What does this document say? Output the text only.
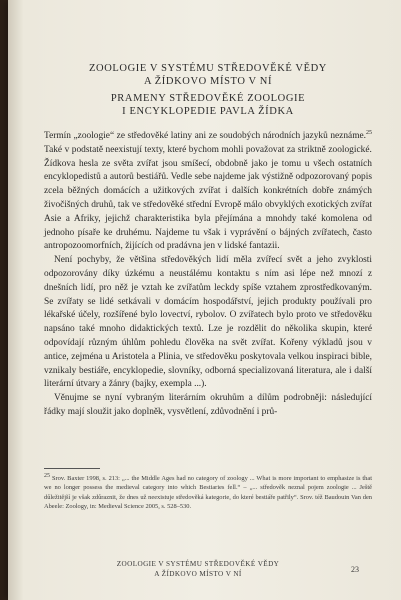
ZOOLOGIE V SYSTÉMU STŘEDOVĚKÉ VĚDY
A ŽÍDKOVO MÍSTO V NÍ
PRAMENY STŘEDOVĚKÉ ZOOLOGIE
I ENCYKLOPEDIE PAVLA ŽÍDKA

Termín „zoologie“ ze středověké latiny ani ze soudobých národních jazyků neznáme.$^{25}$ Také v podstatě neexistují texty, které bychom mohli považovat za striktně zoologické. Žídkova hesla ze světa zvířat jsou smíšecí, obdobně jako je tomu u všech ostatních encyklopedistů a autorů bestiářů. Vedle sebe najdeme jak výstižně odpozorovaný popis zcela běžných domácích a užitkových zvířat i dalších konkrétních dobře známých živočišných druhů, tak ve středověké střední Evropě málo obvyklých exotických zvířat Asie a Afriky, jejichž charakteristika byla přejímána a mnohdy také komolena od jednoho písaře ke druhému. Najdeme tu však i vyprávění o bájných zvířatech, často antropozoomorfních, žijících od pradávna jen v lidské fantazii.

Není pochyby, že většina středověkých lidí měla zvířecí svět a jeho zvyklosti odpozorovány díky úzkému a neustálému kontaktu s ním asi lépe než mnozí z dnešních lidí, pro něž je vztah ke zvířatům leckdy spíše vztahem zprostředkovaným. Se zvířaty se lidé setkávali v domácím hospodářství, jejich produkty používali pro lékařské účely, rozšířené bylo lovectví, rybolov. O zvířatech bylo proto ve středověku napsáno také mnoho didaktických textů. Lze je rozdělit do několika skupin, které odpovídají různým úhlům pohledu člověka na svět zvířat. Kořeny výkladů jsou v antice, zejména u Aristotela a Plinia, ve středověku poskytovala velkou inspiraci bible, vznikaly bestiáře, encyklopedie, slovníky, odborná specializovaná literatura, ale i další literární útvary a žánry (bajky, exempla ...).

Věnujme se nyní vybraným literárním okruhům a dílům podrobněji: následující řádky mají sloužit jako doplněk, vysvětlení, zdůvodnění i prů-

$^{25}$ Srov. Baxter 1998, s. 213: „... the Middle Ages had no category of zoology ... What is more important to emphasize is that we no longer possess the medieval category into which Bestiaries fell.“ – „... středověk neznal pojem zoologie ... Ještě důležitější je však zdůraznit, že dnes už neexistuje středověká kategorie, do které bestiáře patřily“. Srov. též Baudouin Van den Abeele: Zoology, in: Medieval Science 2005, s. 528–530.
ZOOLOGIE V SYSTÉMU STŘEDOVĚKÉ VĚDY
A ŽÍDKOVO MÍSTO V NÍ	23
